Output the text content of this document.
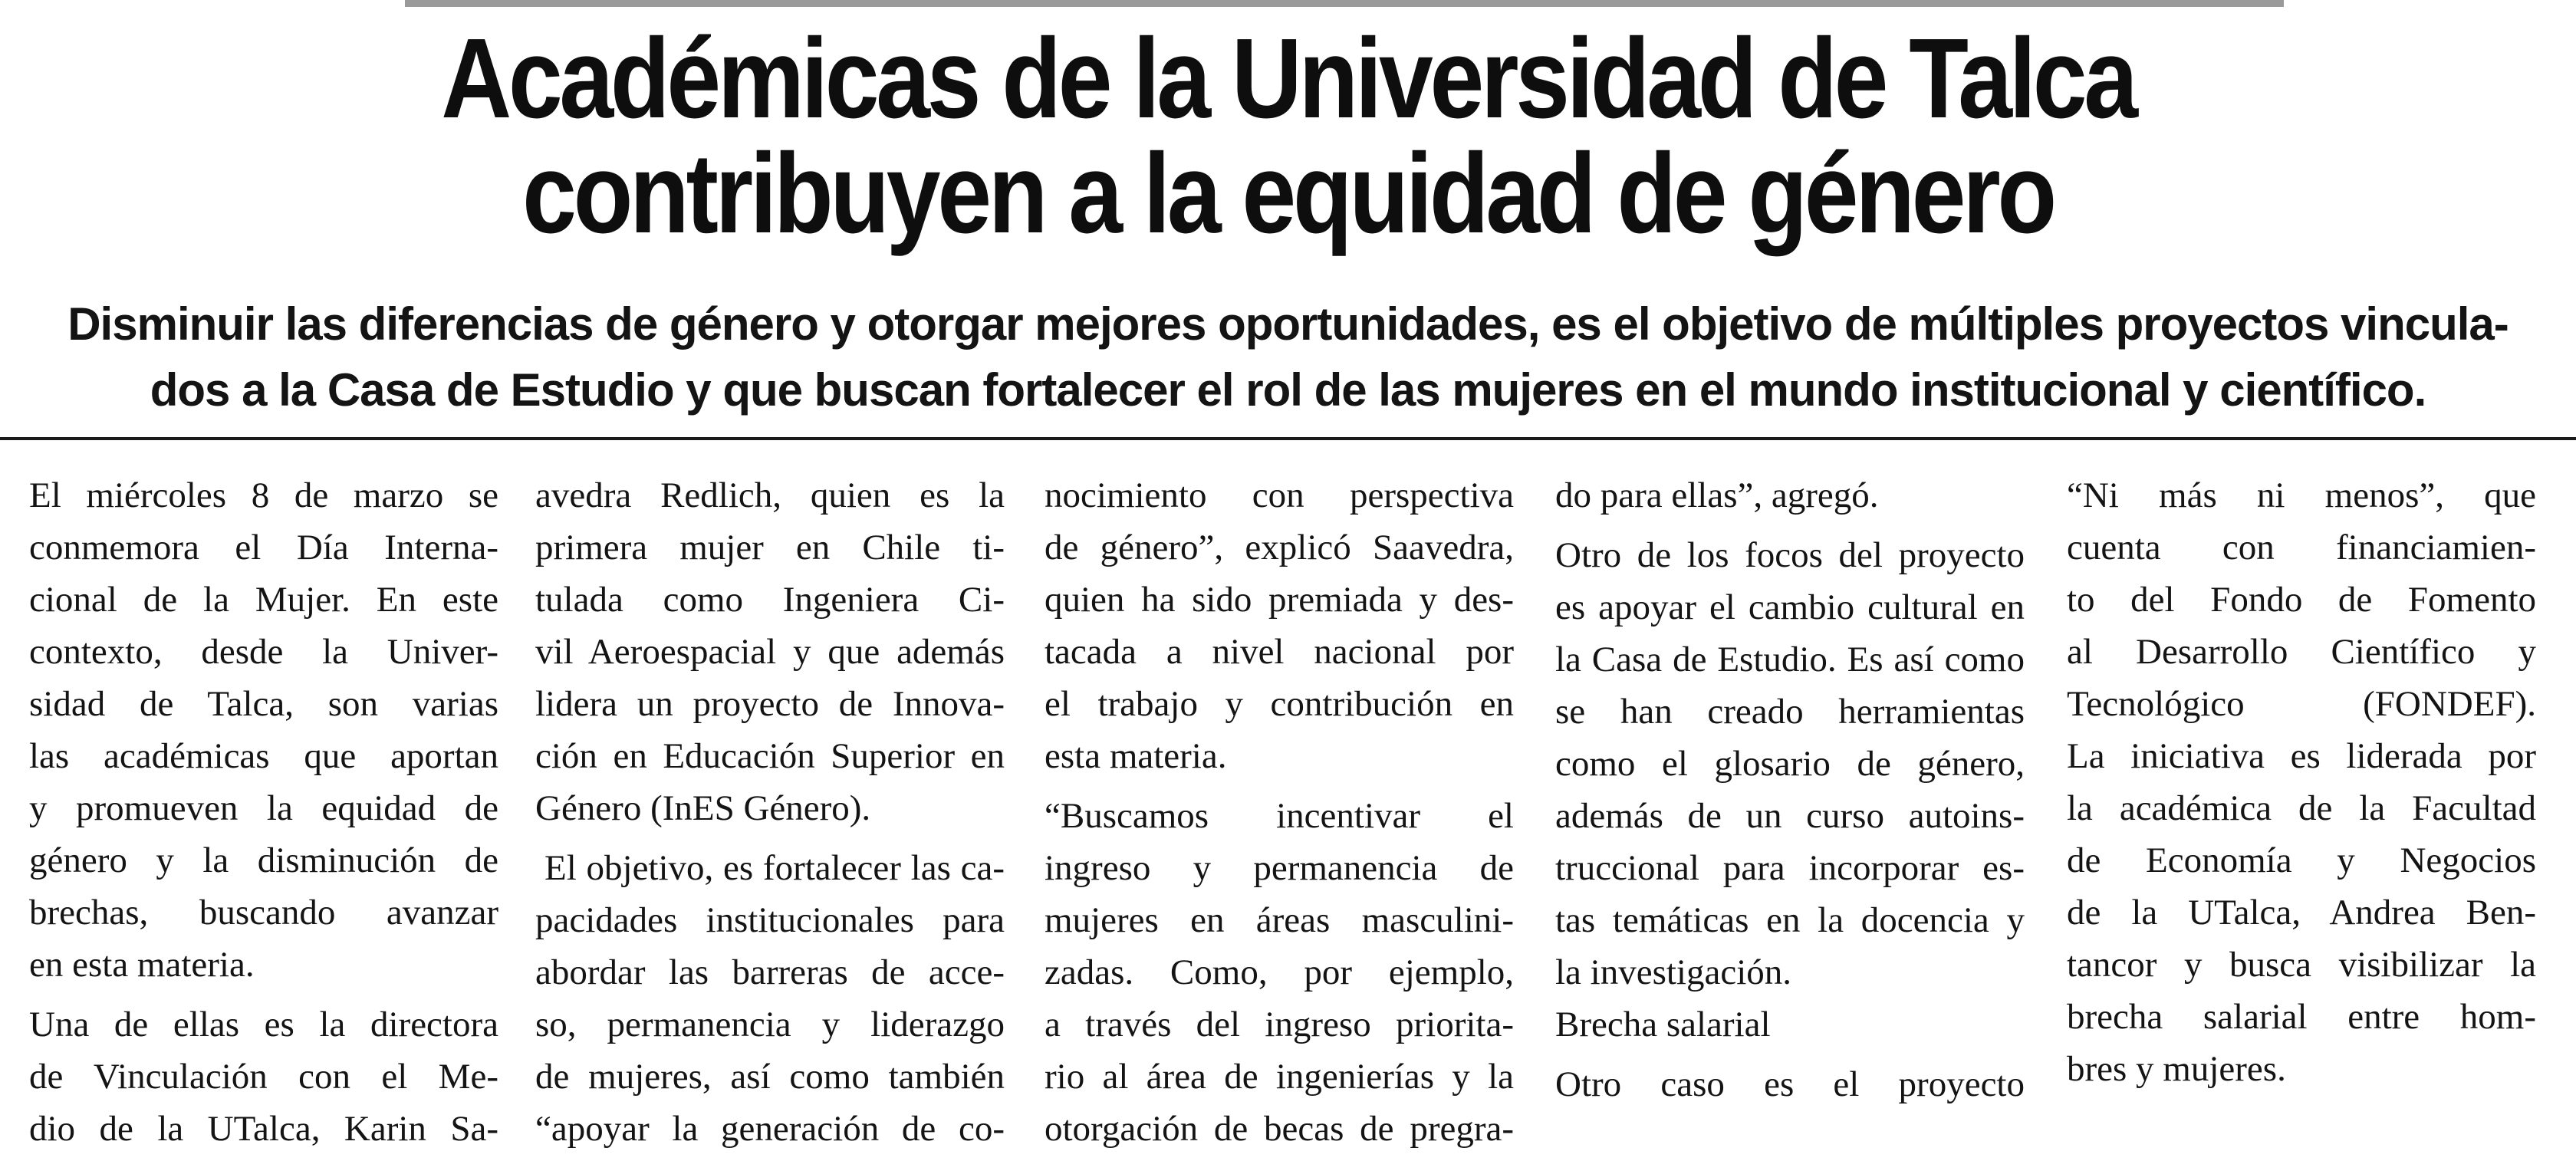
Académicas de la Universidad de Talca
contribuyen a la equidad de género
Disminuir las diferencias de género y otorgar mejores oportunidades, es el objetivo de múltiples proyectos vincula-
dos a la Casa de Estudio y que buscan fortalecer el rol de las mujeres en el mundo institucional y científico.
El miércoles 8 de marzo se
conmemora el Día Interna-
cional de la Mujer. En este
contexto, desde la Univer-
sidad de Talca, son varias
las académicas que aportan
y promueven la equidad de
género y la disminución de
brechas, buscando avanzar
en esta materia.
Una de ellas es la directora
de Vinculación con el Me-
dio de la UTalca, Karin Sa-
avedra Redlich, quien es la
primera mujer en Chile ti-
tulada como Ingeniera Ci-
vil Aeroespacial y que además
lidera un proyecto de Innova-
ción en Educación Superior en
Género (InES Género).
El objetivo, es fortalecer las ca-
pacidades institucionales para
abordar las barreras de acce-
so, permanencia y liderazgo
de mujeres, así como también
“apoyar la generación de co-
nocimiento con perspectiva
de género”, explicó Saavedra,
quien ha sido premiada y des-
tacada a nivel nacional por
el trabajo y contribución en
esta materia.
“Buscamos incentivar el
ingreso y permanencia de
mujeres en áreas masculini-
zadas. Como, por ejemplo,
a través del ingreso priorita-
rio al área de ingenierías y la
otorgación de becas de pregra-
do para ellas”, agregó.
Otro de los focos del proyecto
es apoyar el cambio cultural en
la Casa de Estudio. Es así como
se han creado herramientas
como el glosario de género,
además de un curso autoins-
truccional para incorporar es-
tas temáticas en la docencia y
la investigación.
Brecha salarial
Otro caso es el proyecto
“Ni más ni menos”, que
cuenta con financiamien-
to del Fondo de Fomento
al Desarrollo Científico y
Tecnológico (FONDEF).
La iniciativa es liderada por
la académica de la Facultad
de Economía y Negocios
de la UTalca, Andrea Ben-
tancor y busca visibilizar la
brecha salarial entre hom-
bres y mujeres.
